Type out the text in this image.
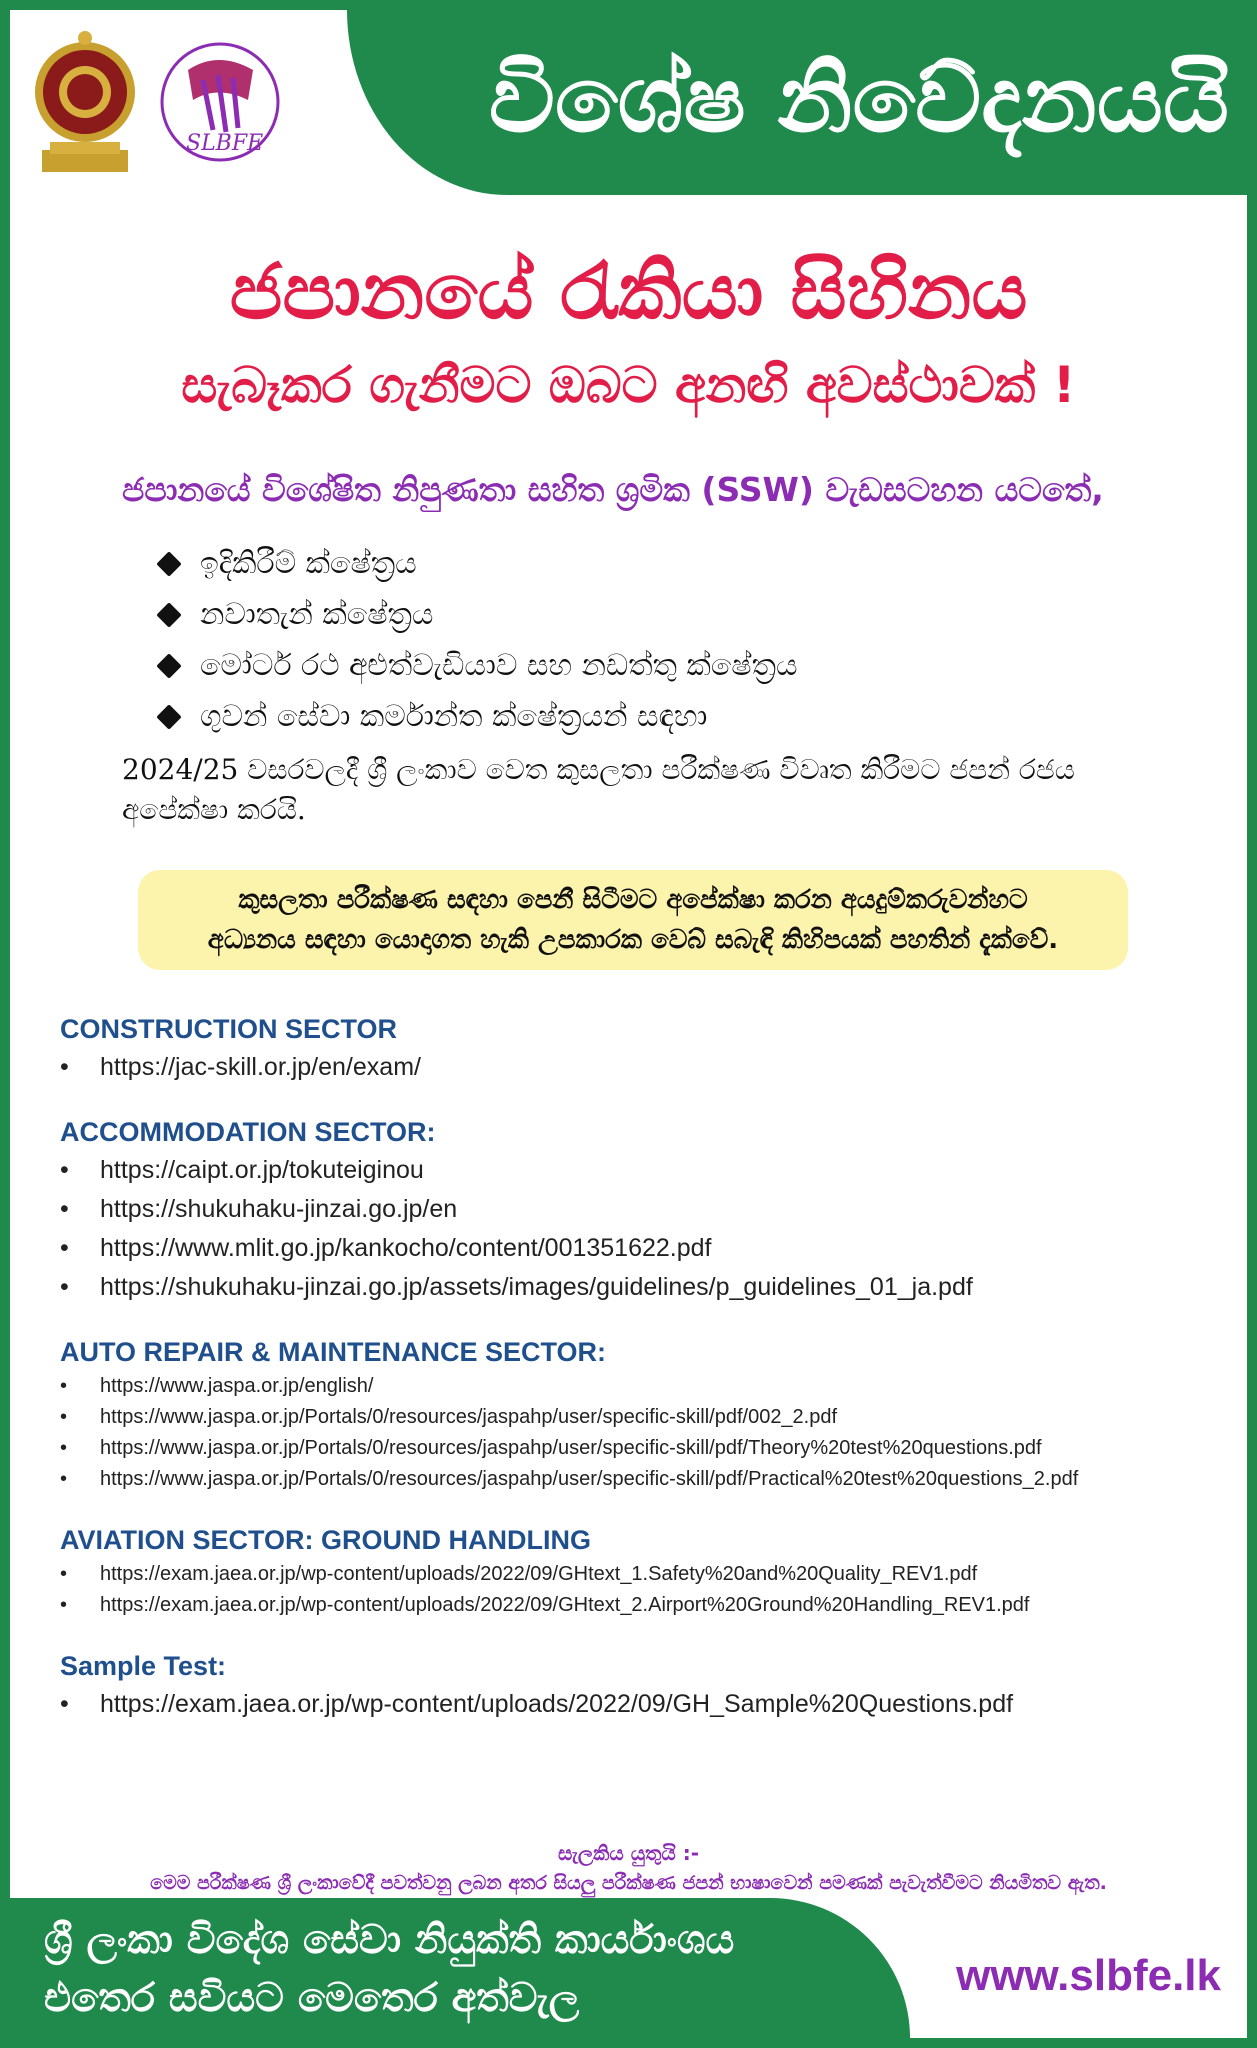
විශේෂ නිවේදනයයි
SLBFE
ජපානයේ රැකියා සිහිනය
සැබෑකර ගැනීමට ඔබට අනඟි අවස්ථාවක් !
ජපානයේ විශේෂිත නිපුණතා සහිත ශ්‍රමික (SSW) වැඩසටහන යටතේ,
ඉදිකිරීම් ක්ෂේත්‍රය
නවාතැන් ක්ෂේත්‍රය
මෝටර් රථ අළුත්වැඩියාව සහ නඩත්තු ක්ෂේත්‍රය
ගුවන් සේවා කර්මාන්ත ක්ෂේත්‍රයන් සඳහා
2024/25 වසරවලදී ශ්‍රී ලංකාව වෙත කුසලතා පරීක්ෂණ විවෘත කිරීමට ජපන් රජය අපේක්ෂා කරයි.
කුසලතා පරීක්ෂණ සඳහා පෙනී සිටීමට අපේක්ෂා කරන අයදුම්කරුවන්හට
අධ්‍යනය සඳහා යොදාගත හැකි උපකාරක වෙබ් සබැඳි කිහිපයක් පහතින් දැක්වේ.
CONSTRUCTION SECTOR
• https://jac-skill.or.jp/en/exam/
ACCOMMODATION SECTOR:
• https://caipt.or.jp/tokuteiginou
• https://shukuhaku-jinzai.go.jp/en
• https://www.mlit.go.jp/kankocho/content/001351622.pdf
• https://shukuhaku-jinzai.go.jp/assets/images/guidelines/p_guidelines_01_ja.pdf
AUTO REPAIR & MAINTENANCE SECTOR:
• https://www.jaspa.or.jp/english/
• https://www.jaspa.or.jp/Portals/0/resources/jaspahp/user/specific-skill/pdf/002_2.pdf
• https://www.jaspa.or.jp/Portals/0/resources/jaspahp/user/specific-skill/pdf/Theory%20test%20questions.pdf
• https://www.jaspa.or.jp/Portals/0/resources/jaspahp/user/specific-skill/pdf/Practical%20test%20questions_2.pdf
AVIATION SECTOR: GROUND HANDLING
• https://exam.jaea.or.jp/wp-content/uploads/2022/09/GHtext_1.Safety%20and%20Quality_REV1.pdf
• https://exam.jaea.or.jp/wp-content/uploads/2022/09/GHtext_2.Airport%20Ground%20Handling_REV1.pdf
Sample Test:
• https://exam.jaea.or.jp/wp-content/uploads/2022/09/GH_Sample%20Questions.pdf
සැලකිය යුතුයි :-
මෙම පරීක්ෂණ ශ්‍රී ලංකාවේදී පවත්වනු ලබන අතර සියලු පරීක්ෂණ ජපන් භාෂාවෙන් පමණක් පැවැත්වීමට නියමිතව ඇත.
ශ්‍රී ලංකා විදේශ සේවා නියුක්ති කාර්යාංශය
එතෙර සවියට මෙතෙර අත්වැල	www.slbfe.lk
